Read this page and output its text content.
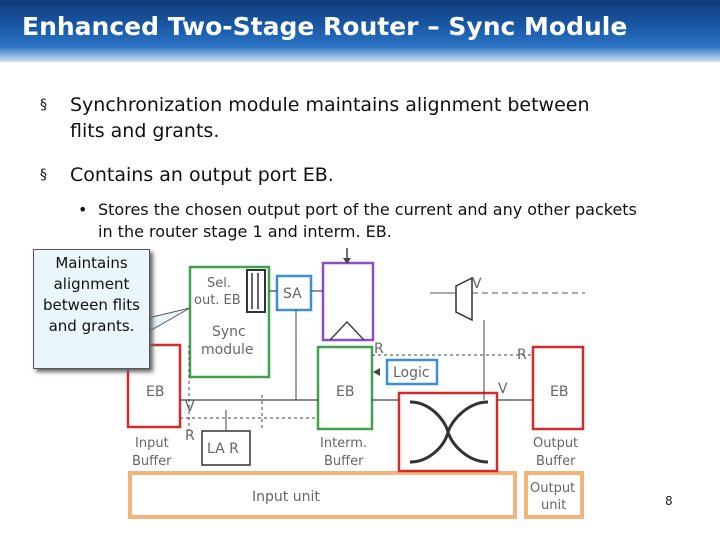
Enhanced Two-Stage Router – Sync Module
§	Synchronization module maintains alignment between flits and grants.
§	Contains an output port EB.
• Stores the chosen output port of the current and any other packets in the router stage 1 and interm. EB.
Input unit
Output
unit
EB
Input
Buffer
Sel.
out. EB
Sync
module
SA
EB
Interm.
Buffer
Logic
EB
Output
Buffer
LA R
V
R	R
V
V
R
Maintains alignment between flits and grants.
8
